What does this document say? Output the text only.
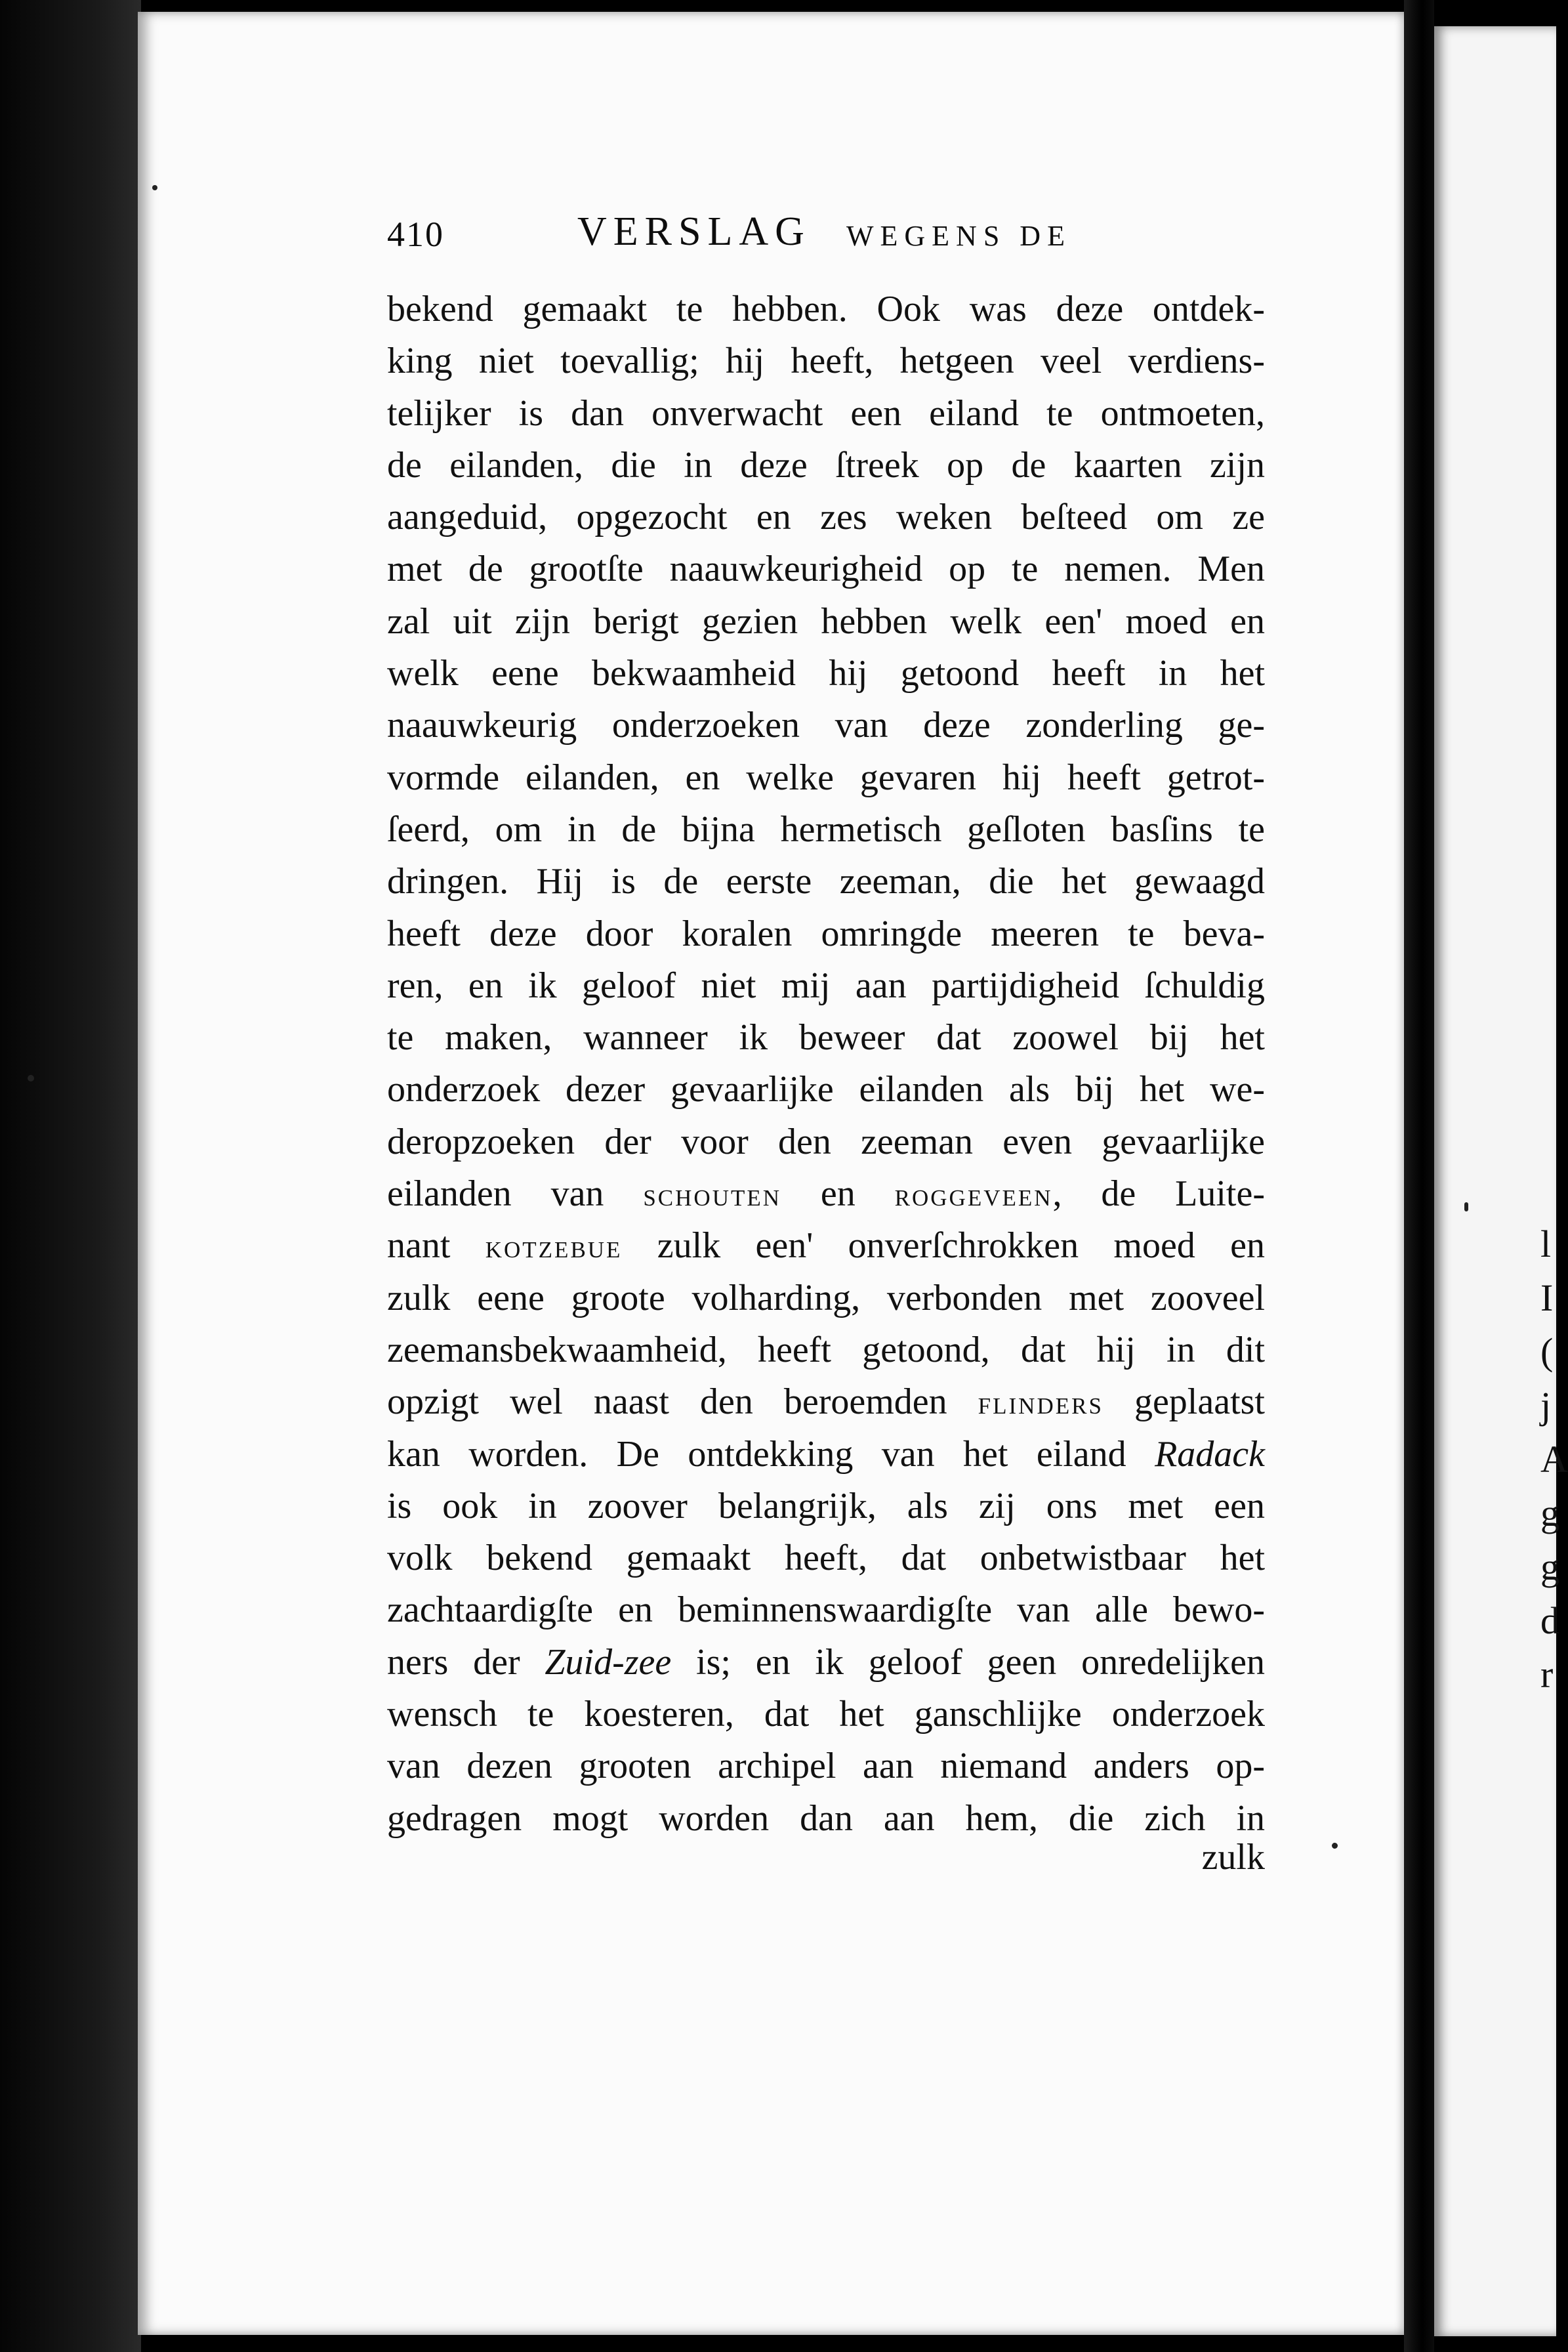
l
I
(
j
A
g
g
d
r
410	VERSLAG WEGENS DE
bekend gemaakt te hebben. Ook was deze ontdek-
king niet toevallig; hij heeft, hetgeen veel verdiens-
telijker is dan onverwacht een eiland te ontmoeten,
de eilanden, die in deze ſtreek op de kaarten zijn
aangeduid, opgezocht en zes weken beſteed om ze
met de grootſte naauwkeurigheid op te nemen. Men
zal uit zijn berigt gezien hebben welk een' moed en
welk eene bekwaamheid hij getoond heeft in het
naauwkeurig onderzoeken van deze zonderling ge-
vormde eilanden, en welke gevaren hij heeft getrot-
ſeerd, om in de bijna hermetisch geſloten basſins te
dringen. Hij is de eerste zeeman, die het gewaagd
heeft deze door koralen omringde meeren te beva-
ren, en ik geloof niet mij aan partijdigheid ſchuldig
te maken, wanneer ik beweer dat zoowel bij het
onderzoek dezer gevaarlijke eilanden als bij het we-
deropzoeken der voor den zeeman even gevaarlijke
eilanden van schouten en roggeveen, de Luite-
nant kotzebue zulk een' onverſchrokken moed en
zulk eene groote volharding, verbonden met zooveel
zeemansbekwaamheid, heeft getoond, dat hij in dit
opzigt wel naast den beroemden flinders geplaatst
kan worden. De ontdekking van het eiland Radack
is ook in zoover belangrijk, als zij ons met een
volk bekend gemaakt heeft, dat onbetwistbaar het
zachtaardigſte en beminnenswaardigſte van alle bewo-
ners der Zuid-zee is; en ik geloof geen onredelijken
wensch te koesteren, dat het ganschlijke onderzoek
van dezen grooten archipel aan niemand anders op-
gedragen mogt worden dan aan hem, die zich in
zulk
